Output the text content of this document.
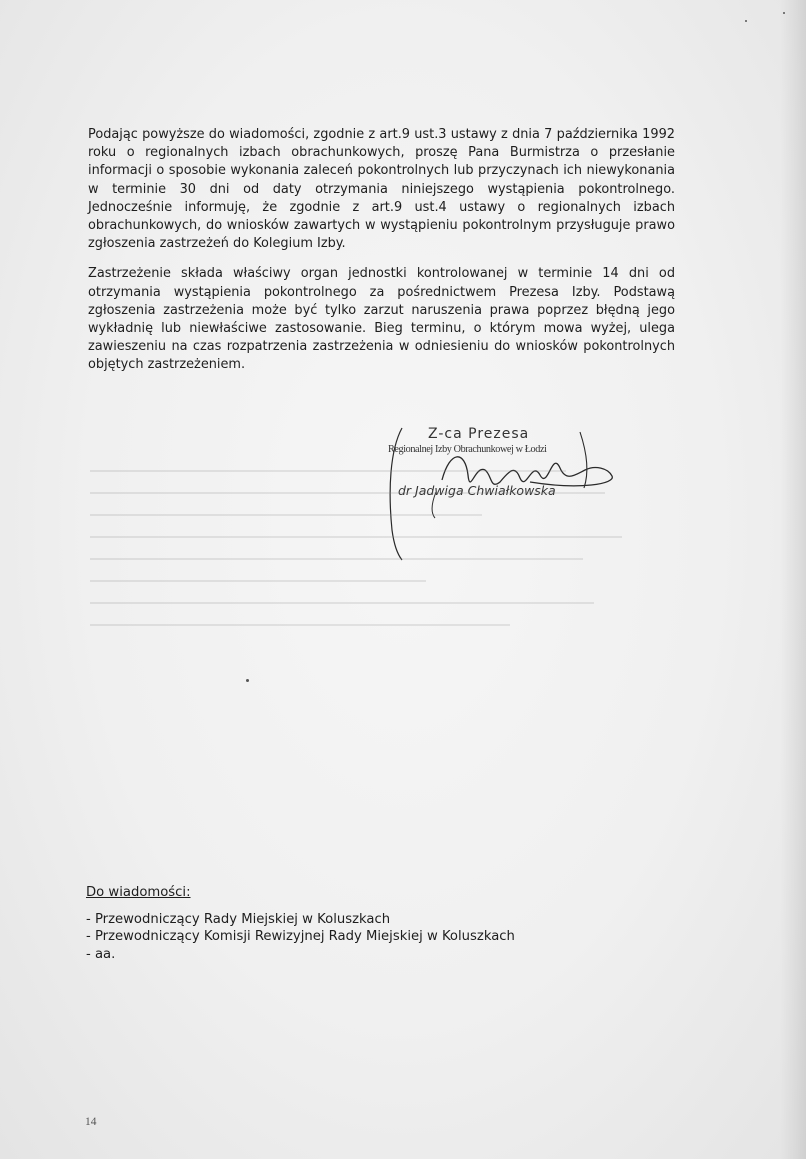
Podając powyższe do wiadomości, zgodnie z art.9 ust.3 ustawy z dnia 7 października 1992 roku o regionalnych izbach obrachunkowych, proszę Pana Burmistrza o przesłanie informacji o sposobie wykonania zaleceń pokontrolnych lub przyczynach ich niewykonania w terminie 30 dni od daty otrzymania niniejszego wystąpienia pokontrolnego. Jednocześnie informuję, że zgodnie z art.9 ust.4 ustawy o regionalnych izbach obrachunkowych, do wniosków zawartych w wystąpieniu pokontrolnym przysługuje prawo zgłoszenia zastrzeżeń do Kolegium Izby.

Zastrzeżenie składa właściwy organ jednostki kontrolowanej w terminie 14 dni od otrzymania wystąpienia pokontrolnego za pośrednictwem Prezesa Izby. Podstawą zgłoszenia zastrzeżenia może być tylko zarzut naruszenia prawa poprzez błędną jego wykładnię lub niewłaściwe zastosowanie. Bieg terminu, o którym mowa wyżej, ulega zawieszeniu na czas rozpatrzenia zastrzeżenia w odniesieniu do wniosków pokontrolnych objętych zastrzeżeniem.

Z-ca Prezesa
Regionalnej Izby Obrachunkowej w Łodzi
dr Jadwiga Chwiałkowska
Do wiadomości:
- Przewodniczący Rady Miejskiej w Koluszkach
- Przewodniczący Komisji Rewizyjnej Rady Miejskiej w Koluszkach
- aa.
14
